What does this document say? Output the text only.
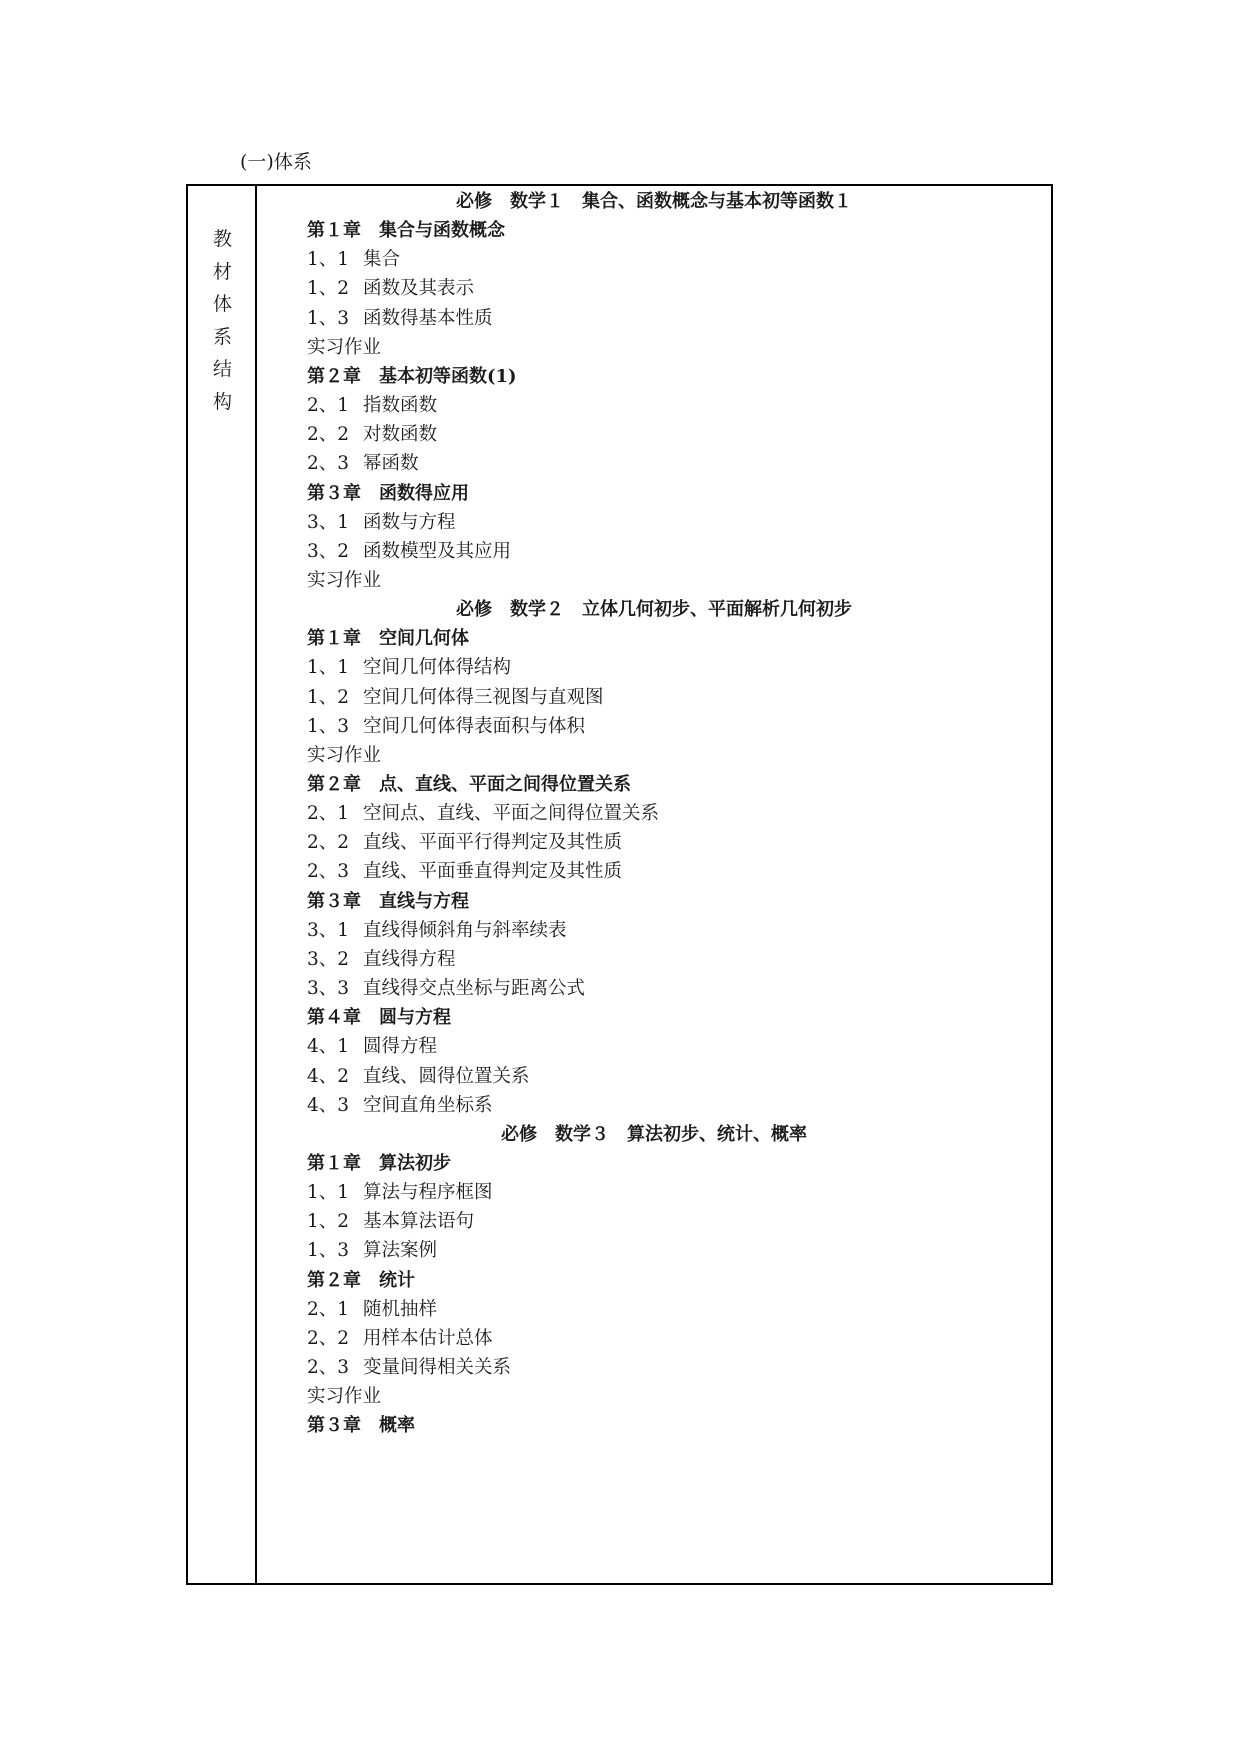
(一)体系
教
材
体
系
结
构
必修　数学１　集合、函数概念与基本初等函数１
第１章　集合与函数概念
1、1 集合
1、2 函数及其表示
1、3 函数得基本性质
实习作业
第２章　基本初等函数(1)
2、1 指数函数
2、2 对数函数
2、3 幂函数
第３章　函数得应用
3、1 函数与方程
3、2 函数模型及其应用
实习作业
必修　数学２　立体几何初步、平面解析几何初步
第１章　空间几何体
1、1 空间几何体得结构
1、2 空间几何体得三视图与直观图
1、3 空间几何体得表面积与体积
实习作业
第２章　点、直线、平面之间得位置关系
2、1 空间点、直线、平面之间得位置关系
2、2 直线、平面平行得判定及其性质
2、3 直线、平面垂直得判定及其性质
第３章　直线与方程
3、1 直线得倾斜角与斜率续表
3、2 直线得方程
3、3 直线得交点坐标与距离公式
第４章　圆与方程
4、1 圆得方程
4、2 直线、圆得位置关系
4、3 空间直角坐标系
必修　数学３　算法初步、统计、概率
第１章　算法初步
1、1 算法与程序框图
1、2 基本算法语句
1、3 算法案例
第２章　统计
2、1 随机抽样
2、2 用样本估计总体
2、3 变量间得相关关系
实习作业
第３章　概率
